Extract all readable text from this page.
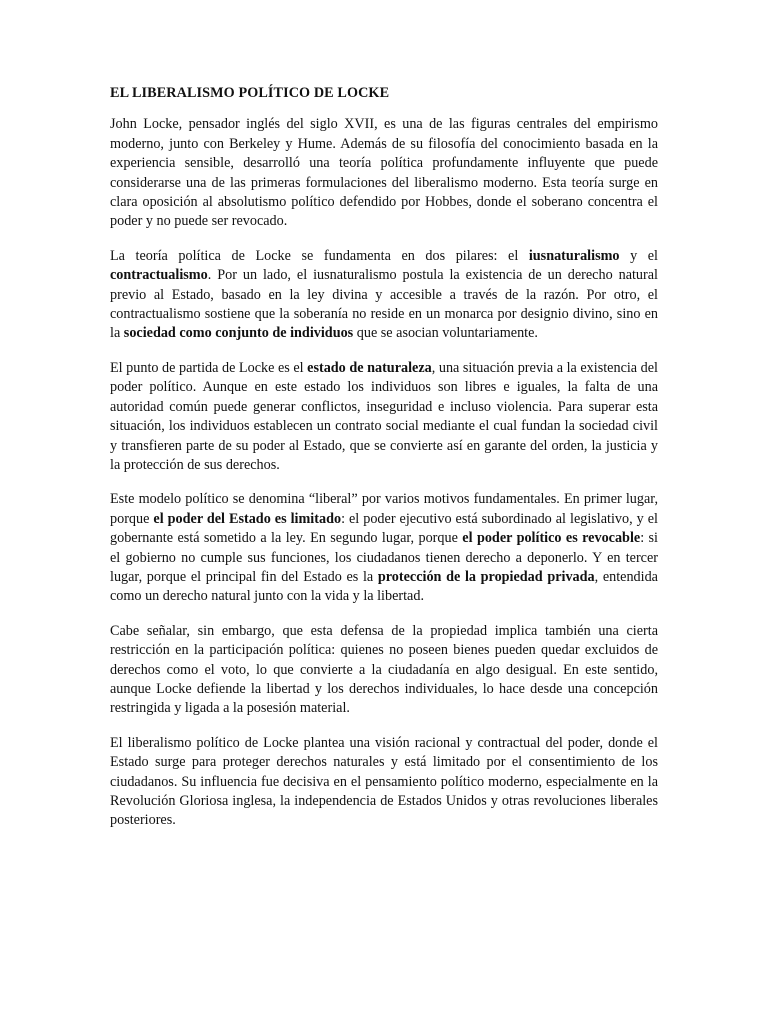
EL LIBERALISMO POLÍTICO DE LOCKE

John Locke, pensador inglés del siglo XVII, es una de las figuras centrales del empirismo moderno, junto con Berkeley y Hume. Además de su filosofía del conocimiento basada en la experiencia sensible, desarrolló una teoría política profundamente influyente que puede considerarse una de las primeras formulaciones del liberalismo moderno. Esta teoría surge en clara oposición al absolutismo político defendido por Hobbes, donde el soberano concentra el poder y no puede ser revocado.

La teoría política de Locke se fundamenta en dos pilares: el iusnaturalismo y el contractualismo. Por un lado, el iusnaturalismo postula la existencia de un derecho natural previo al Estado, basado en la ley divina y accesible a través de la razón. Por otro, el contractualismo sostiene que la soberanía no reside en un monarca por designio divino, sino en la sociedad como conjunto de individuos que se asocian voluntariamente.

El punto de partida de Locke es el estado de naturaleza, una situación previa a la existencia del poder político. Aunque en este estado los individuos son libres e iguales, la falta de una autoridad común puede generar conflictos, inseguridad e incluso violencia. Para superar esta situación, los individuos establecen un contrato social mediante el cual fundan la sociedad civil y transfieren parte de su poder al Estado, que se convierte así en garante del orden, la justicia y la protección de sus derechos.

Este modelo político se denomina “liberal” por varios motivos fundamentales. En primer lugar, porque el poder del Estado es limitado: el poder ejecutivo está subordinado al legislativo, y el gobernante está sometido a la ley. En segundo lugar, porque el poder político es revocable: si el gobierno no cumple sus funciones, los ciudadanos tienen derecho a deponerlo. Y en tercer lugar, porque el principal fin del Estado es la protección de la propiedad privada, entendida como un derecho natural junto con la vida y la libertad.

Cabe señalar, sin embargo, que esta defensa de la propiedad implica también una cierta restricción en la participación política: quienes no poseen bienes pueden quedar excluidos de derechos como el voto, lo que convierte a la ciudadanía en algo desigual. En este sentido, aunque Locke defiende la libertad y los derechos individuales, lo hace desde una concepción restringida y ligada a la posesión material.

El liberalismo político de Locke plantea una visión racional y contractual del poder, donde el Estado surge para proteger derechos naturales y está limitado por el consentimiento de los ciudadanos. Su influencia fue decisiva en el pensamiento político moderno, especialmente en la Revolución Gloriosa inglesa, la independencia de Estados Unidos y otras revoluciones liberales posteriores.
